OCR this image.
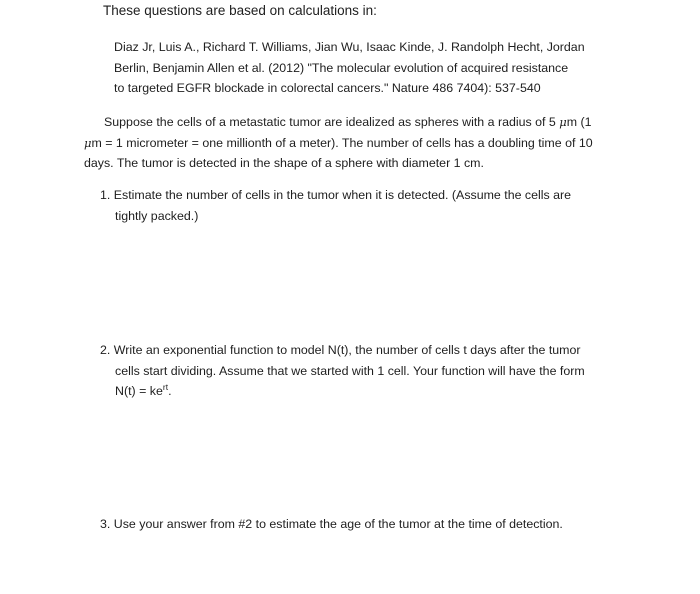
These questions are based on calculations in:
Diaz Jr, Luis A., Richard T. Williams, Jian Wu, Isaac Kinde, J. Randolph Hecht, Jordan
Berlin, Benjamin Allen et al. (2012) "The molecular evolution of acquired resistance
to targeted EGFR blockade in colorectal cancers." Nature 486 7404): 537-540
Suppose the cells of a metastatic tumor are idealized as spheres with a radius of 5 μm (1
μm = 1 micrometer = one millionth of a meter). The number of cells has a doubling time of 10
days. The tumor is detected in the shape of a sphere with diameter 1 cm.
1. Estimate the number of cells in the tumor when it is detected. (Assume the cells are
tightly packed.)
2. Write an exponential function to model N(t), the number of cells t days after the tumor
cells start dividing. Assume that we started with 1 cell. Your function will have the form
$N(t) = ke^{rt}$.
3. Use your answer from #2 to estimate the age of the tumor at the time of detection.
